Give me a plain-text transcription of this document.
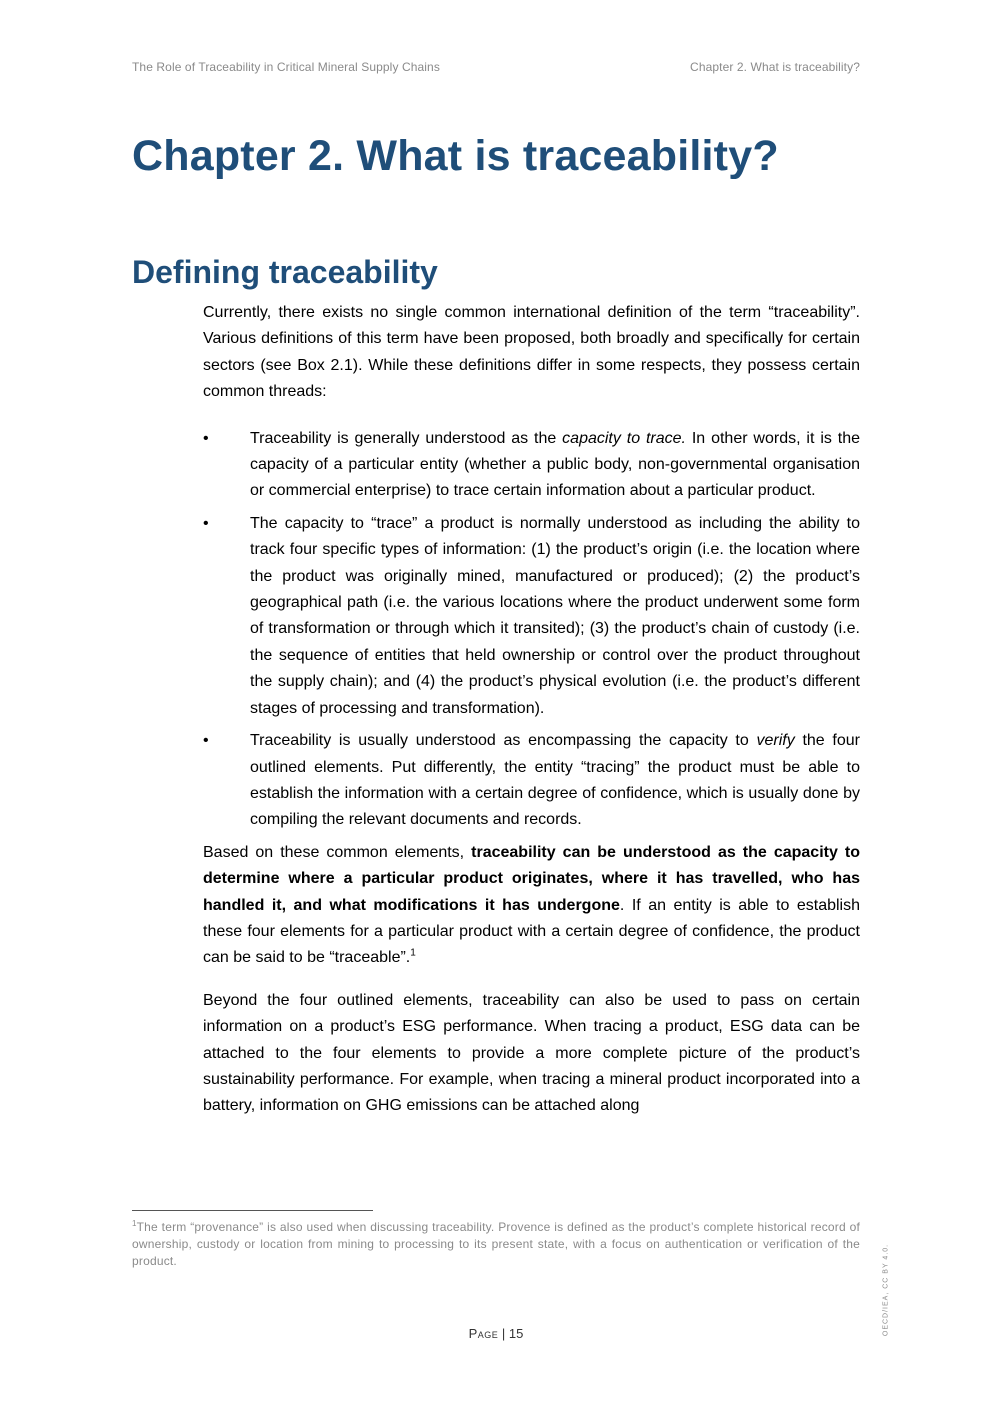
The Role of Traceability in Critical Mineral Supply Chains	Chapter 2. What is traceability?
Chapter 2. What is traceability?
Defining traceability

Currently, there exists no single common international definition of the term “traceability”. Various definitions of this term have been proposed, both broadly and specifically for certain sectors (see Box 2.1). While these definitions differ in some respects, they possess certain common threads:

•	Traceability is generally understood as the capacity to trace. In other words, it is the capacity of a particular entity (whether a public body, non-governmental organisation or commercial enterprise) to trace certain information about a particular product.
•	The capacity to “trace” a product is normally understood as including the ability to track four specific types of information: (1) the product’s origin (i.e. the location where the product was originally mined, manufactured or produced); (2) the product’s geographical path (i.e. the various locations where the product underwent some form of transformation or through which it transited); (3) the product’s chain of custody (i.e. the sequence of entities that held ownership or control over the product throughout the supply chain); and (4) the product’s physical evolution (i.e. the product’s different stages of processing and transformation).
•	Traceability is usually understood as encompassing the capacity to verify the four outlined elements. Put differently, the entity “tracing” the product must be able to establish the information with a certain degree of confidence, which is usually done by compiling the relevant documents and records.

Based on these common elements, traceability can be understood as the capacity to determine where a particular product originates, where it has travelled, who has handled it, and what modifications it has undergone. If an entity is able to establish these four elements for a particular product with a certain degree of confidence, the product can be said to be “traceable”.$^1$

Beyond the four outlined elements, traceability can also be used to pass on certain information on a product’s ESG performance. When tracing a product, ESG data can be attached to the four elements to provide a more complete picture of the product’s sustainability performance. For example, when tracing a mineral product incorporated into a battery, information on GHG emissions can be attached along

$^1$The term “provenance” is also used when discussing traceability. Provence is defined as the product’s complete historical record of ownership, custody or location from mining to processing to its present state, with a focus on authentication or verification of the product.
Page | 15	OECD/IEA, CC BY 4.0.
